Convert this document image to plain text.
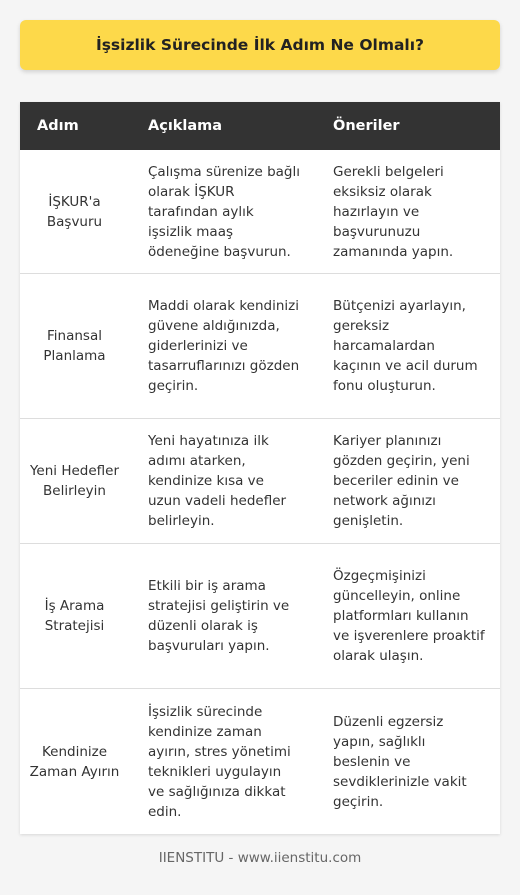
İşsizlik Sürecinde İlk Adım Ne Olmalı?
Adım	Açıklama	Öneriler
İŞKUR'a Başvuru
Çalışma sürenize bağlı olarak İŞKUR tarafından aylık işsizlik maaş ödeneğine başvurun.
Gerekli belgeleri eksiksiz olarak hazırlayın ve başvurunuzu zamanında yapın.
Finansal Planlama
Maddi olarak kendinizi güvene aldığınızda, giderlerinizi ve tasarruflarınızı gözden geçirin.
Bütçenizi ayarlayın, gereksiz harcamalardan kaçının ve acil durum fonu oluşturun.
Yeni Hedefler Belirleyin
Yeni hayatınıza ilk adımı atarken, kendinize kısa ve uzun vadeli hedefler belirleyin.
Kariyer planınızı gözden geçirin, yeni beceriler edinin ve network ağınızı genişletin.
İş Arama Stratejisi
Etkili bir iş arama stratejisi geliştirin ve düzenli olarak iş başvuruları yapın.
Özgeçmişinizi güncelleyin, online platformları kullanın ve işverenlere proaktif olarak ulaşın.
Kendinize Zaman Ayırın
İşsizlik sürecinde kendinize zaman ayırın, stres yönetimi teknikleri uygulayın ve sağlığınıza dikkat edin.
Düzenli egzersiz yapın, sağlıklı beslenin ve sevdiklerinizle vakit geçirin.
IIENSTITU - www.iienstitu.com
